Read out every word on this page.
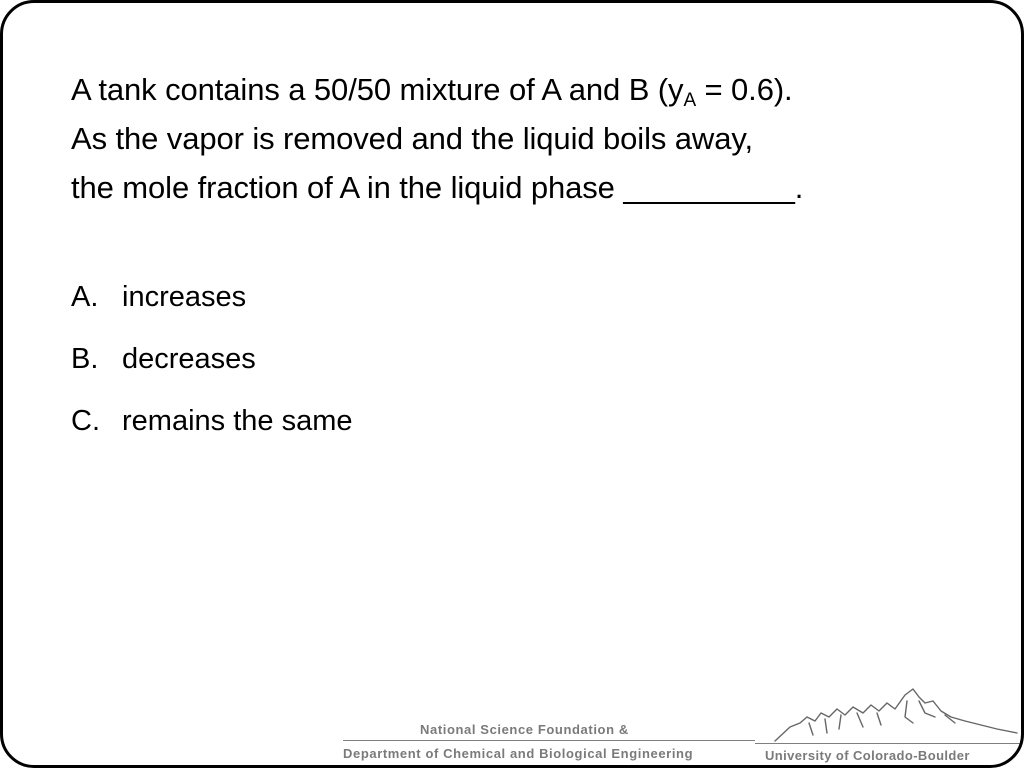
A tank contains a 50/50 mixture of A and B $(y_A = 0.6)$.
As the vapor is removed and the liquid boils away,
the mole fraction of A in the liquid phase __________.
A. increases
B. decreases
C. remains the same
National Science Foundation &
Department of Chemical and Biological Engineering	University of Colorado-Boulder
